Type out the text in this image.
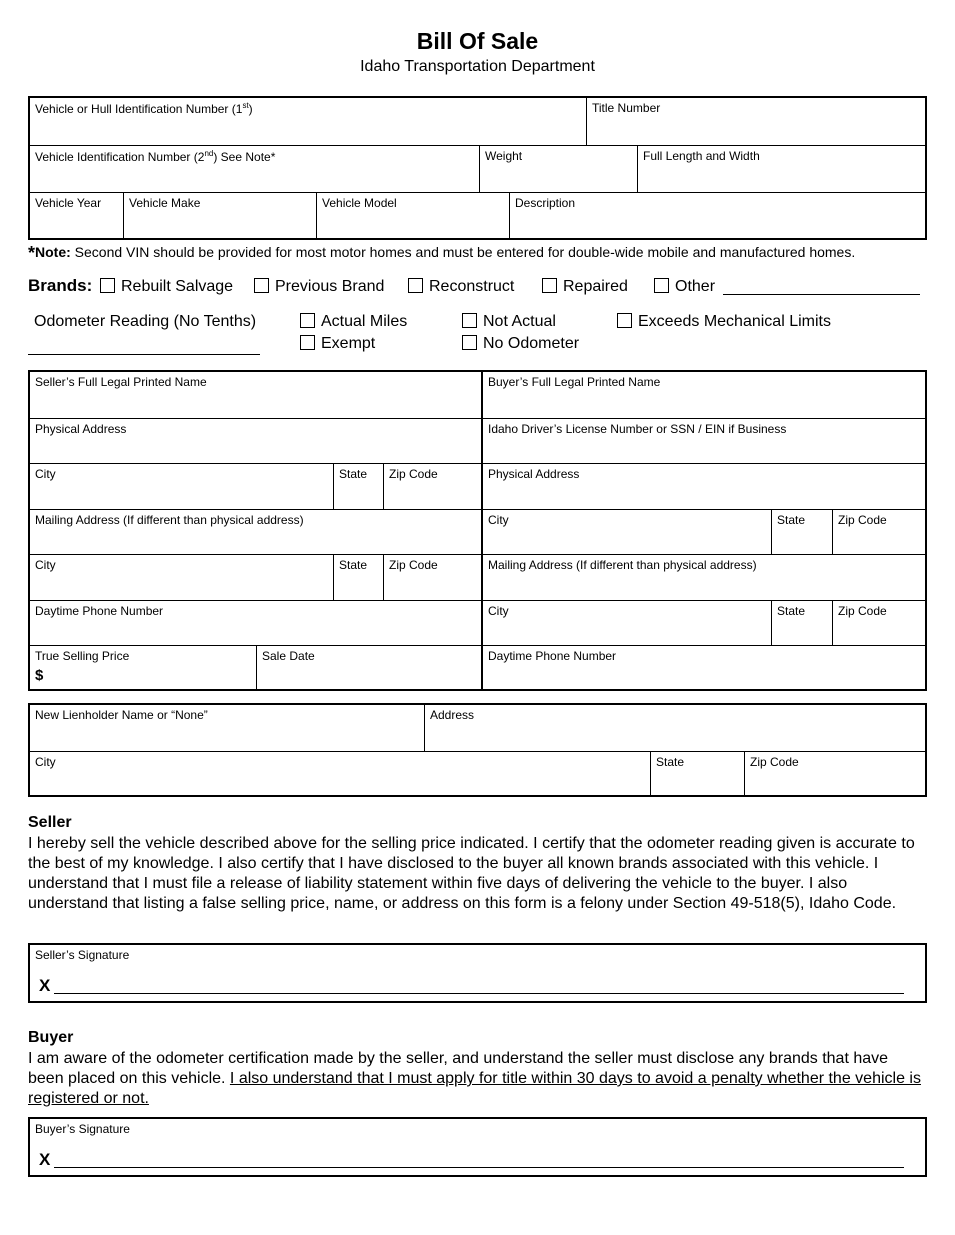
Bill Of Sale
Idaho Transportation Department
Vehicle or Hull Identification Number (1st)	Title Number
Vehicle Identification Number (2nd) See Note*	Weight	Full Length and Width
Vehicle Year	Vehicle Make	Vehicle Model	Description
*Note: Second VIN should be provided for most motor homes and must be entered for double-wide mobile and manufactured homes.
Brands:	Rebuilt Salvage	Previous Brand	Reconstruct	Repaired	Other
Odometer Reading (No Tenths)	Actual Miles	Not Actual	Exceeds Mechanical Limits
Exempt	No Odometer
Seller’s Full Legal Printed Name
Physical Address
City	State	Zip Code
Mailing Address (If different than physical address)
City	State	Zip Code
Daytime Phone Number
True Selling Price
$
Sale Date
Buyer’s Full Legal Printed Name
Idaho Driver’s License Number or SSN / EIN if Business
Physical Address
City	State	Zip Code
Mailing Address (If different than physical address)
City	State	Zip Code
Daytime Phone Number
New Lienholder Name or “None”	Address
City	State	Zip Code
Seller
I hereby sell the vehicle described above for the selling price indicated. I certify that the odometer reading given is accurate to the best of my knowledge. I also certify that I have disclosed to the buyer all known brands associated with this vehicle. I understand that I must file a release of liability statement within five days of delivering the vehicle to the buyer. I also understand that listing a false selling price, name, or address on this form is a felony under Section 49-518(5), Idaho Code.
Seller’s Signature
X
Buyer
I am aware of the odometer certification made by the seller, and understand the seller must disclose any brands that have been placed on this vehicle. I also understand that I must apply for title within 30 days to avoid a penalty whether the vehicle is registered or not.
Buyer’s Signature
X
